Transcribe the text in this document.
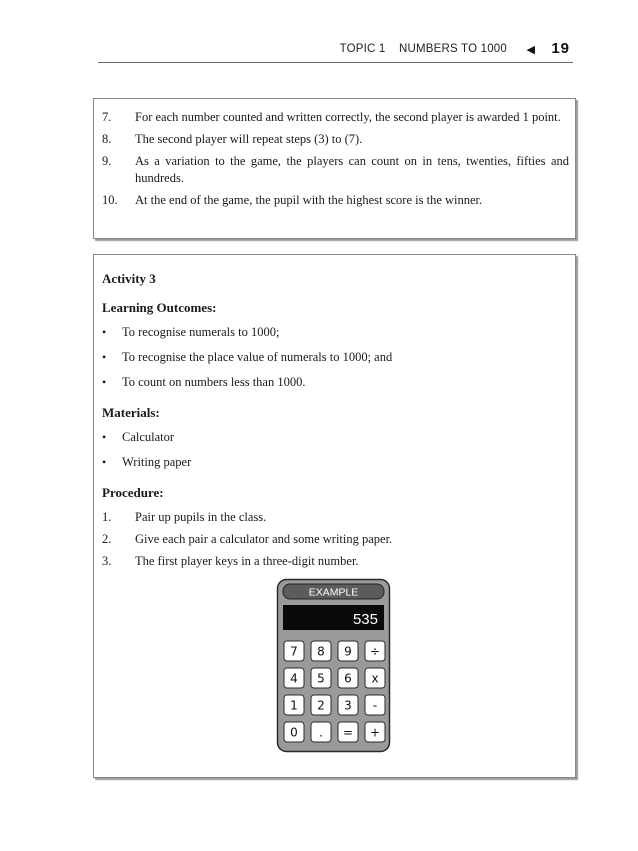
TOPIC 1 NUMBERS TO 1000 ◀ 19
7.	For each number counted and written correctly, the second player is awarded 1 point.
8.	The second player will repeat steps (3) to (7).
9.	As a variation to the game, the players can count on in tens, twenties, fifties and hundreds.
10.	At the end of the game, the pupil with the highest score is the winner.
Activity 3
Learning Outcomes:
•	To recognise numerals to 1000;
•	To recognise the place value of numerals to 1000; and
•	To count on numbers less than 1000.
Materials:
•	Calculator
•	Writing paper
Procedure:
1.	Pair up pupils in the class.
2.	Give each pair a calculator and some writing paper.
3.	The first player keys in a three-digit number.
EXAMPLE
535
7 8 9 ÷
4 5 6 x
1 2 3 -
0 . = +
